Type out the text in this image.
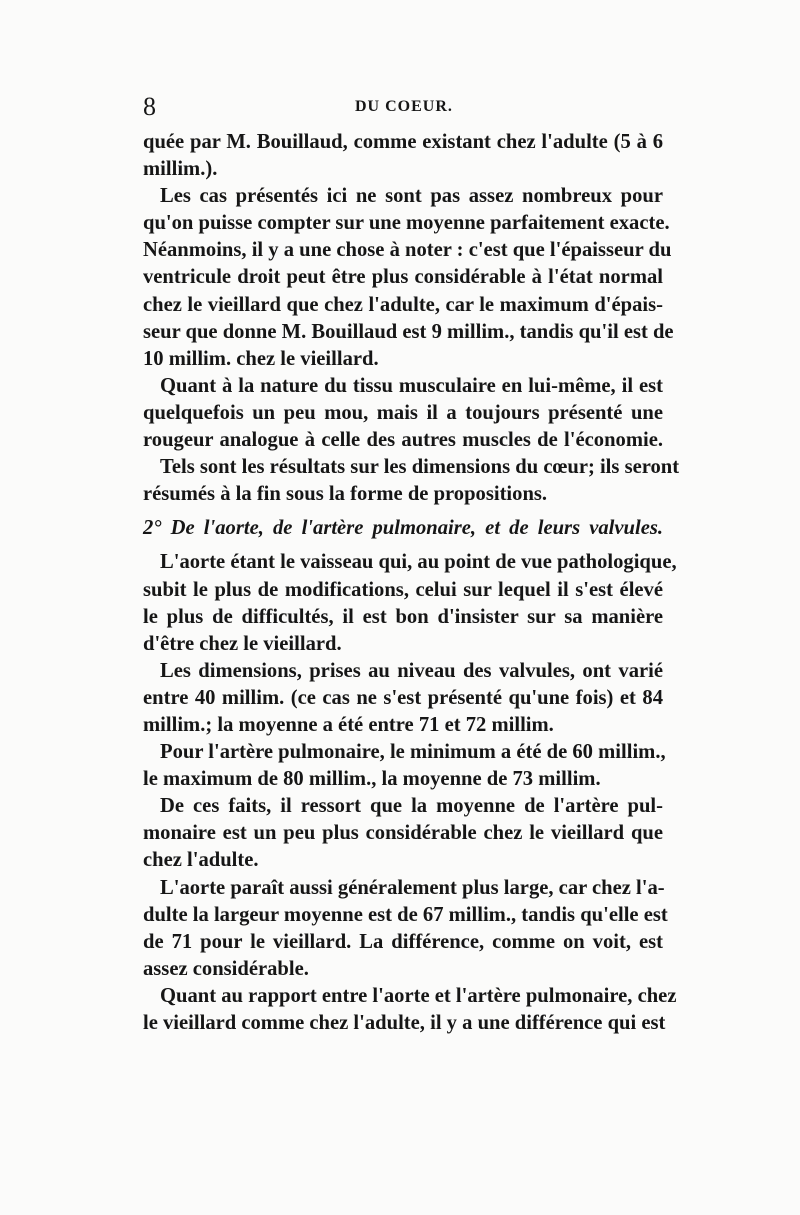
8	DU COEUR.
quée par M. Bouillaud, comme existant chez l'adulte (5 à 6
millim.).
Les cas présentés ici ne sont pas assez nombreux pour
qu'on puisse compter sur une moyenne parfaitement exacte.
Néanmoins, il y a une chose à noter : c'est que l'épaisseur du
ventricule droit peut être plus considérable à l'état normal
chez le vieillard que chez l'adulte, car le maximum d'épais-
seur que donne M. Bouillaud est 9 millim., tandis qu'il est de
10 millim. chez le vieillard.
Quant à la nature du tissu musculaire en lui-même, il est
quelquefois un peu mou, mais il a toujours présenté une
rougeur analogue à celle des autres muscles de l'économie.
Tels sont les résultats sur les dimensions du cœur; ils seront
résumés à la fin sous la forme de propositions.
2° De l'aorte, de l'artère pulmonaire, et de leurs valvules.
L'aorte étant le vaisseau qui, au point de vue pathologique,
subit le plus de modifications, celui sur lequel il s'est élevé
le plus de difficultés, il est bon d'insister sur sa manière
d'être chez le vieillard.
Les dimensions, prises au niveau des valvules, ont varié
entre 40 millim. (ce cas ne s'est présenté qu'une fois) et 84
millim.; la moyenne a été entre 71 et 72 millim.
Pour l'artère pulmonaire, le minimum a été de 60 millim.,
le maximum de 80 millim., la moyenne de 73 millim.
De ces faits, il ressort que la moyenne de l'artère pul-
monaire est un peu plus considérable chez le vieillard que
chez l'adulte.
L'aorte paraît aussi généralement plus large, car chez l'a-
dulte la largeur moyenne est de 67 millim., tandis qu'elle est
de 71 pour le vieillard. La différence, comme on voit, est
assez considérable.
Quant au rapport entre l'aorte et l'artère pulmonaire, chez
le vieillard comme chez l'adulte, il y a une différence qui est
